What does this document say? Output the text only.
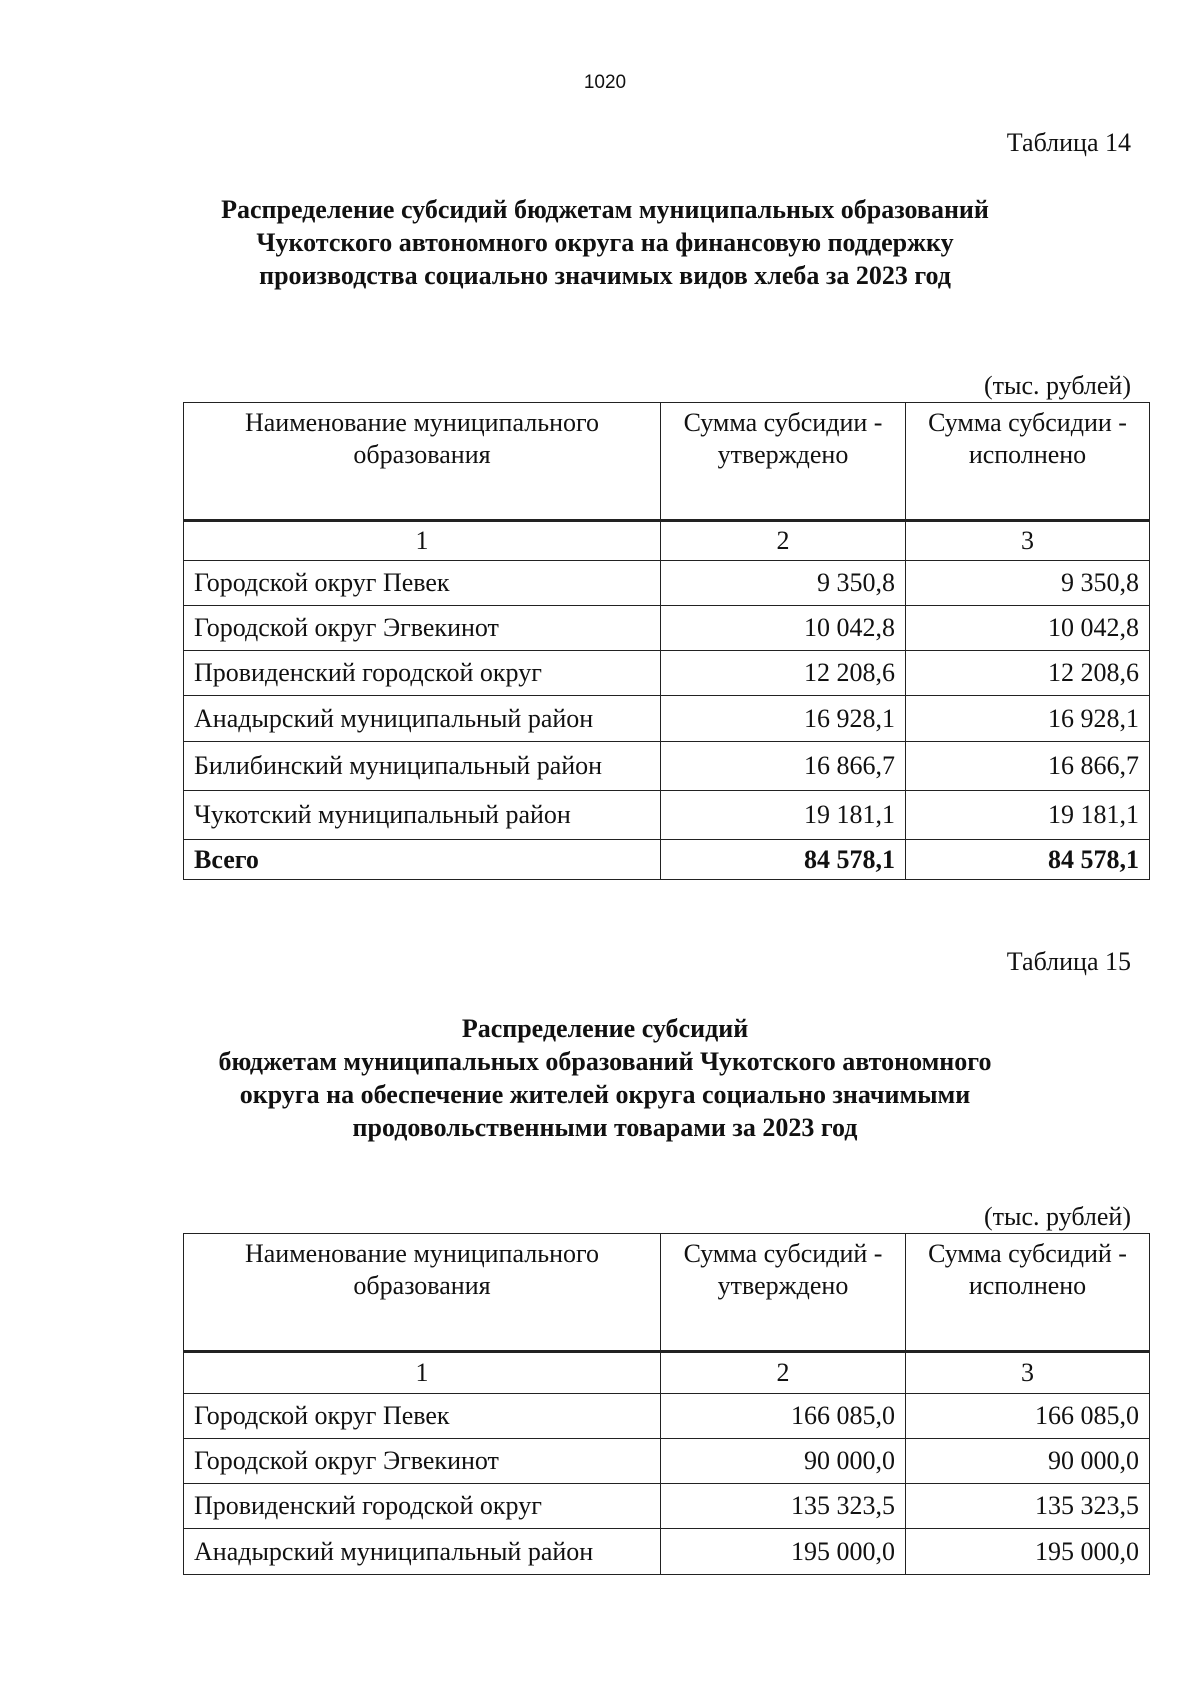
1020
Таблица 14
Распределение субсидий бюджетам муниципальных образований
Чукотского автономного округа на финансовую поддержку
производства социально значимых видов хлеба за 2023 год
(тыс. рублей)
Наименование муниципального образования	Сумма субсидии - утверждено	Сумма субсидии - исполнено
1	2	3
Городской округ Певек	9 350,8	9 350,8
Городской округ Эгвекинот	10 042,8	10 042,8
Провиденский городской округ	12 208,6	12 208,6
Анадырский муниципальный район	16 928,1	16 928,1
Билибинский муниципальный район	16 866,7	16 866,7
Чукотский муниципальный район	19 181,1	19 181,1
Всего	84 578,1	84 578,1
Таблица 15
Распределение субсидий
бюджетам муниципальных образований Чукотского автономного
округа на обеспечение жителей округа социально значимыми
продовольственными товарами за 2023 год
(тыс. рублей)
Наименование муниципального образования	Сумма субсидий - утверждено	Сумма субсидий - исполнено
1	2	3
Городской округ Певек	166 085,0	166 085,0
Городской округ Эгвекинот	90 000,0	90 000,0
Провиденский городской округ	135 323,5	135 323,5
Анадырский муниципальный район	195 000,0	195 000,0
